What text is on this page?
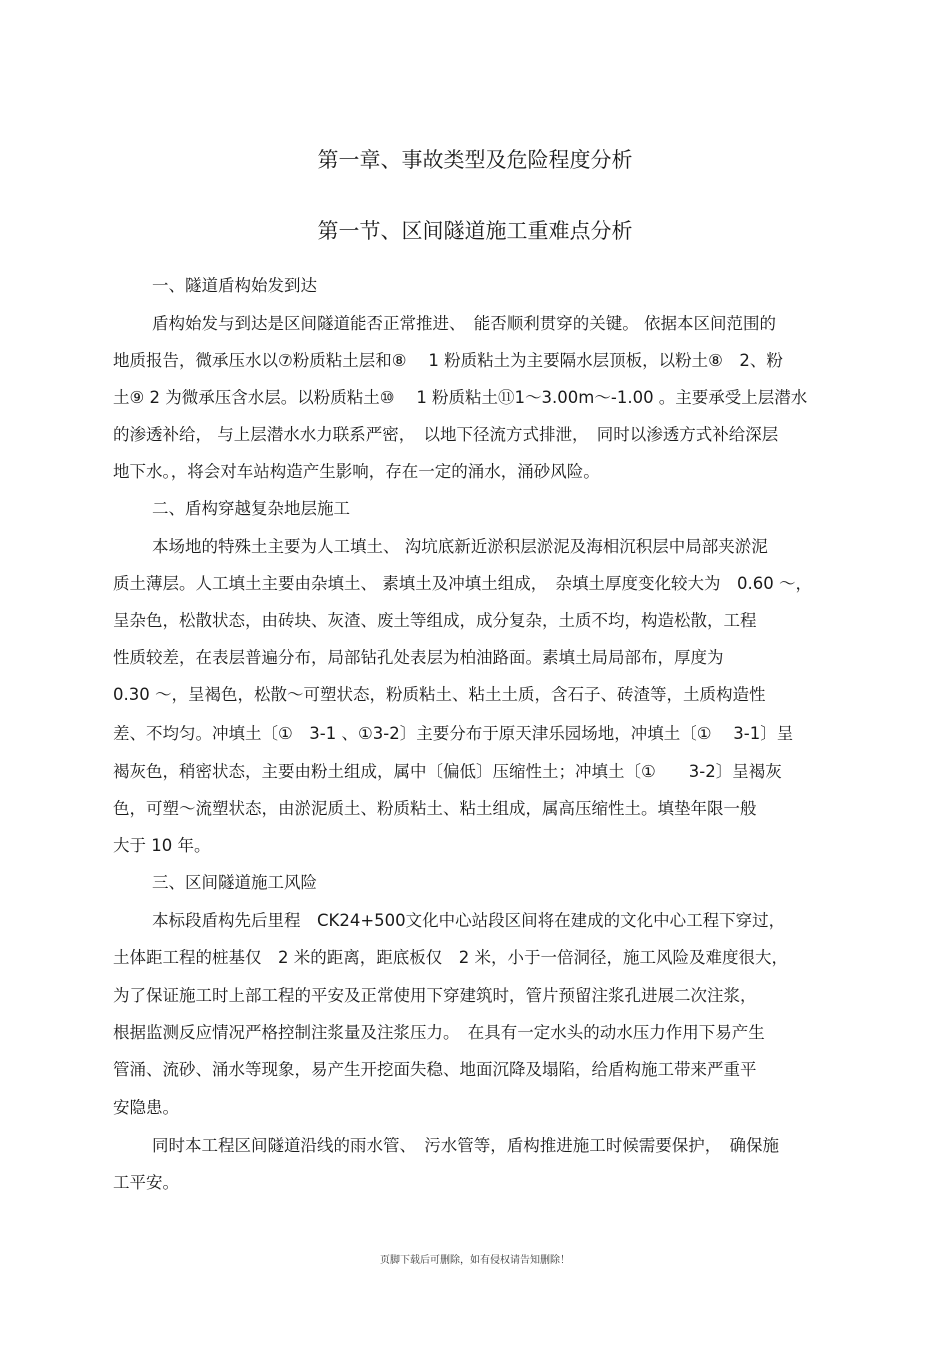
第一章、事故类型及危险程度分析
第一节、区间隧道施工重难点分析
一、隧道盾构始发到达
盾构始发与到达是区间隧道能否正常推进、　能否顺利贯穿的关键。 依据本区间范围的
地质报告，微承压水以⑦粉质粘土层和⑧　 1 粉质粘土为主要隔水层顶板，以粉土⑧　2、粉
土⑨ 2 为微承压含水层。以粉质粘土⑩　 1 粉质粘土⑪1～3.00m～-1.00 。主要承受上层潜水
的渗透补给， 与上层潜水水力联系严密，　以地下径流方式排泄，　同时以渗透方式补给深层
地下水。，将会对车站构造产生影响，存在一定的涌水，涌砂风险。
二、盾构穿越复杂地层施工
本场地的特殊土主要为人工填土、 沟坑底新近淤积层淤泥及海相沉积层中局部夹淤泥
质土薄层。人工填土主要由杂填土、 素填土及冲填土组成，　杂填土厚度变化较大为　0.60 ～，
呈杂色，松散状态，由砖块、灰渣、废土等组成，成分复杂，土质不均，构造松散，工程
性质较差，在表层普遍分布，局部钻孔处表层为柏油路面。素填土局局部布，厚度为
0.30 ～，呈褐色，松散～可塑状态，粉质粘土、粘土土质，含石子、砖渣等，土质构造性
差、不均匀。冲填土〔①　3-1 、①3-2〕主要分布于原天津乐园场地，冲填土〔①　 3-1〕呈
褐灰色，稍密状态，主要由粉土组成，属中〔偏低〕压缩性土；冲填土〔①　　3-2〕呈褐灰
色，可塑～流塑状态，由淤泥质土、粉质粘土、粘土组成，属高压缩性土。填垫年限一般
大于 10 年。
三、区间隧道施工风险
本标段盾构先后里程　CK24+500文化中心站段区间将在建成的文化中心工程下穿过，
土体距工程的桩基仅　2 米的距离，距底板仅　2 米，小于一倍洞径，施工风险及难度很大，
为了保证施工时上部工程的平安及正常使用下穿建筑时，管片预留注浆孔进展二次注浆，
根据监测反应情况严格控制注浆量及注浆压力。　在具有一定水头的动水压力作用下易产生
管涌、流砂、涌水等现象，易产生开挖面失稳、地面沉降及塌陷，给盾构施工带来严重平
安隐患。
同时本工程区间隧道沿线的雨水管、　污水管等，盾构推进施工时候需要保护，　确保施
工平安。
页脚下载后可删除，如有侵权请告知删除！
